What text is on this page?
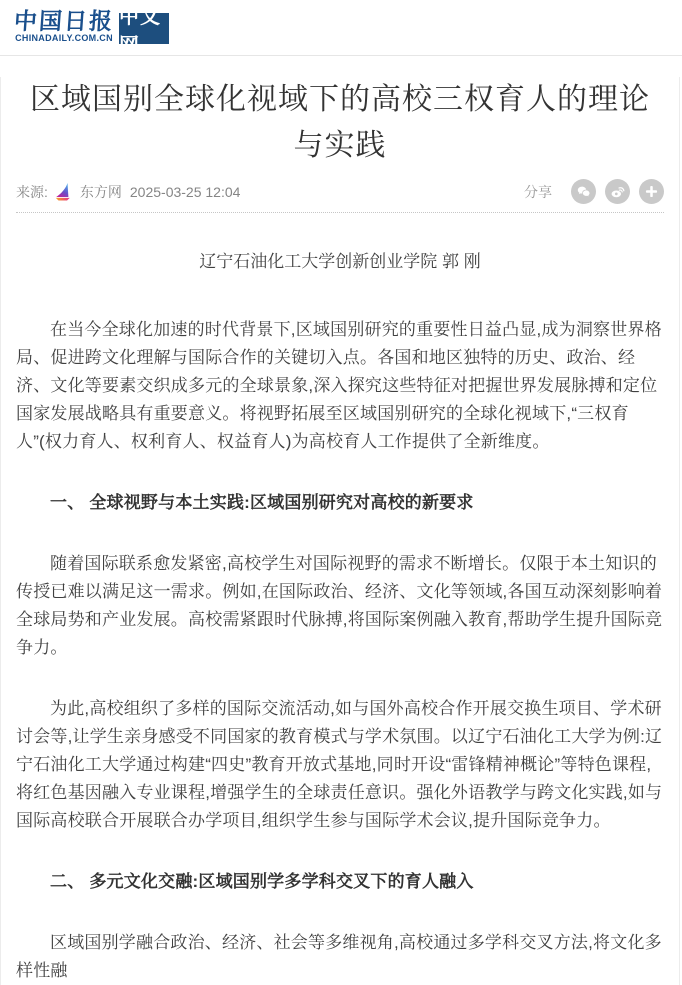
中国日报
CHINADAILY.COM.CN
中文网
区域国别全球化视域下的高校三权育人的理论与实践
来源: 东方网 2025-03-25 12:04	分享

辽宁石油化工大学创新创业学院 郭 刚

在当今全球化加速的时代背景下,区域国别研究的重要性日益凸显,成为洞察世界格局、促进跨文化理解与国际合作的关键切入点。各国和地区独特的历史、政治、经济、文化等要素交织成多元的全球景象,深入探究这些特征对把握世界发展脉搏和定位国家发展战略具有重要意义。将视野拓展至区域国别研究的全球化视域下,“三权育人”(权力育人、权利育人、权益育人)为高校育人工作提供了全新维度。

一、 全球视野与本土实践:区域国别研究对高校的新要求

随着国际联系愈发紧密,高校学生对国际视野的需求不断增长。仅限于本土知识的传授已难以满足这一需求。例如,在国际政治、经济、文化等领域,各国互动深刻影响着全球局势和产业发展。高校需紧跟时代脉搏,将国际案例融入教育,帮助学生提升国际竞争力。

为此,高校组织了多样的国际交流活动,如与国外高校合作开展交换生项目、学术研讨会等,让学生亲身感受不同国家的教育模式与学术氛围。以辽宁石油化工大学为例:辽宁石油化工大学通过构建“四史”教育开放式基地,同时开设“雷锋精神概论”等特色课程,将红色基因融入专业课程,增强学生的全球责任意识。强化外语教学与跨文化实践,如与国际高校联合开展联合办学项目,组织学生参与国际学术会议,提升国际竞争力。

二、 多元文化交融:区域国别学多学科交叉下的育人融入

区域国别学融合政治、经济、社会等多维视角,高校通过多学科交叉方法,将文化多样性融
